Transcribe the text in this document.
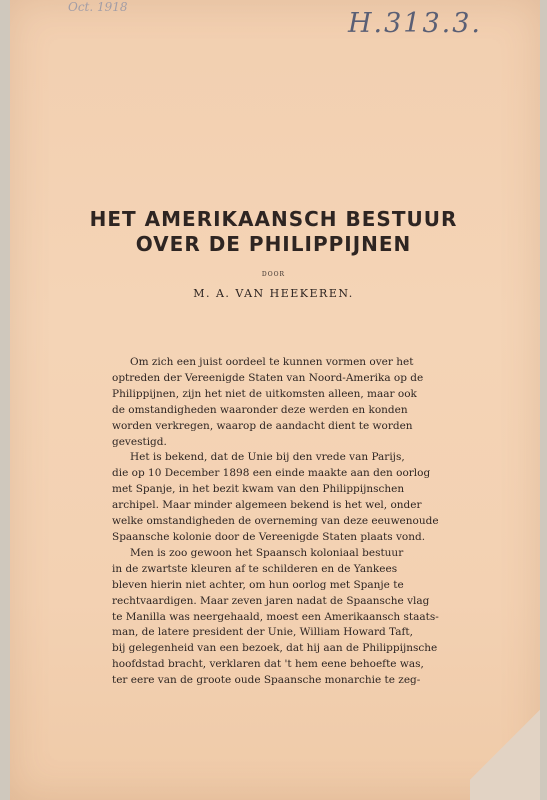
Oct. 1918

H.313.3.

HET AMERIKAANSCH BESTUUR
OVER DE PHILIPPIJNEN

DOOR

M. A. VAN HEEKEREN.

Om zich een juist oordeel te kunnen vormen over het
optreden der Vereenigde Staten van Noord-Amerika op de
Philippijnen, zijn het niet de uitkomsten alleen, maar ook
de omstandigheden waaronder deze werden en konden
worden verkregen, waarop de aandacht dient te worden
gevestigd.

Het is bekend, dat de Unie bij den vrede van Parijs,
die op 10 December 1898 een einde maakte aan den oorlog
met Spanje, in het bezit kwam van den Philippijnschen
archipel. Maar minder algemeen bekend is het wel, onder
welke omstandigheden de overneming van deze eeuwenoude
Spaansche kolonie door de Vereenigde Staten plaats vond.

Men is zoo gewoon het Spaansch koloniaal bestuur
in de zwartste kleuren af te schilderen en de Yankees
bleven hierin niet achter, om hun oorlog met Spanje te
rechtvaardigen. Maar zeven jaren nadat de Spaansche vlag
te Manilla was neergehaald, moest een Amerikaansch staats-
man, de latere president der Unie, William Howard Taft,
bij gelegenheid van een bezoek, dat hij aan de Philippijnsche
hoofdstad bracht, verklaren dat 't hem eene behoefte was,
ter eere van de groote oude Spaansche monarchie te zeg-
